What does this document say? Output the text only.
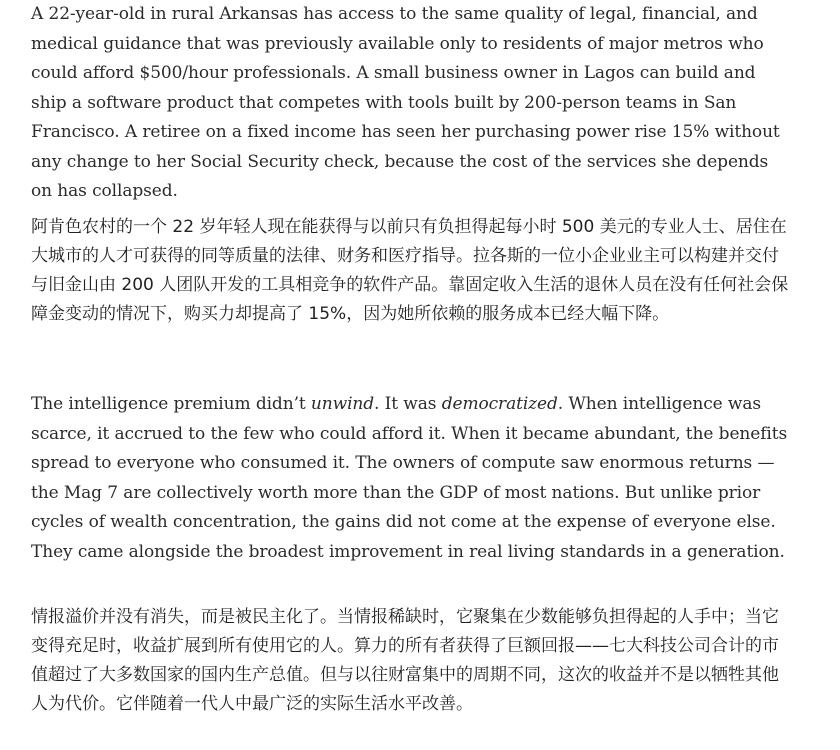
A 22-year-old in rural Arkansas has access to the same quality of legal, financial, and medical guidance that was previously available only to residents of major metros who could afford $500/hour professionals. A small business owner in Lagos can build and ship a software product that competes with tools built by 200-person teams in San Francisco. A retiree on a fixed income has seen her purchasing power rise 15% without any change to her Social Security check, because the cost of the services she depends on has collapsed.

阿肯色农村的一个 22 岁年轻人现在能获得与以前只有负担得起每小时 500 美元的专业人士、居住在大城市的人才可获得的同等质量的法律、财务和医疗指导。拉各斯的一位小企业业主可以构建并交付与旧金山由 200 人团队开发的工具相竞争的软件产品。靠固定收入生活的退休人员在没有任何社会保障金变动的情况下，购买力却提高了 15%，因为她所依赖的服务成本已经大幅下降。

The intelligence premium didn’t unwind. It was democratized. When intelligence was scarce, it accrued to the few who could afford it. When it became abundant, the benefits spread to everyone who consumed it. The owners of compute saw enormous returns — the Mag 7 are collectively worth more than the GDP of most nations. But unlike prior cycles of wealth concentration, the gains did not come at the expense of everyone else. They came alongside the broadest improvement in real living standards in a generation.

情报溢价并没有消失，而是被民主化了。当情报稀缺时，它聚集在少数能够负担得起的人手中；当它变得充足时，收益扩展到所有使用它的人。算力的所有者获得了巨额回报——七大科技公司合计的市值超过了大多数国家的国内生产总值。但与以往财富集中的周期不同，这次的收益并不是以牺牲其他人为代价。它伴随着一代人中最广泛的实际生活水平改善。
